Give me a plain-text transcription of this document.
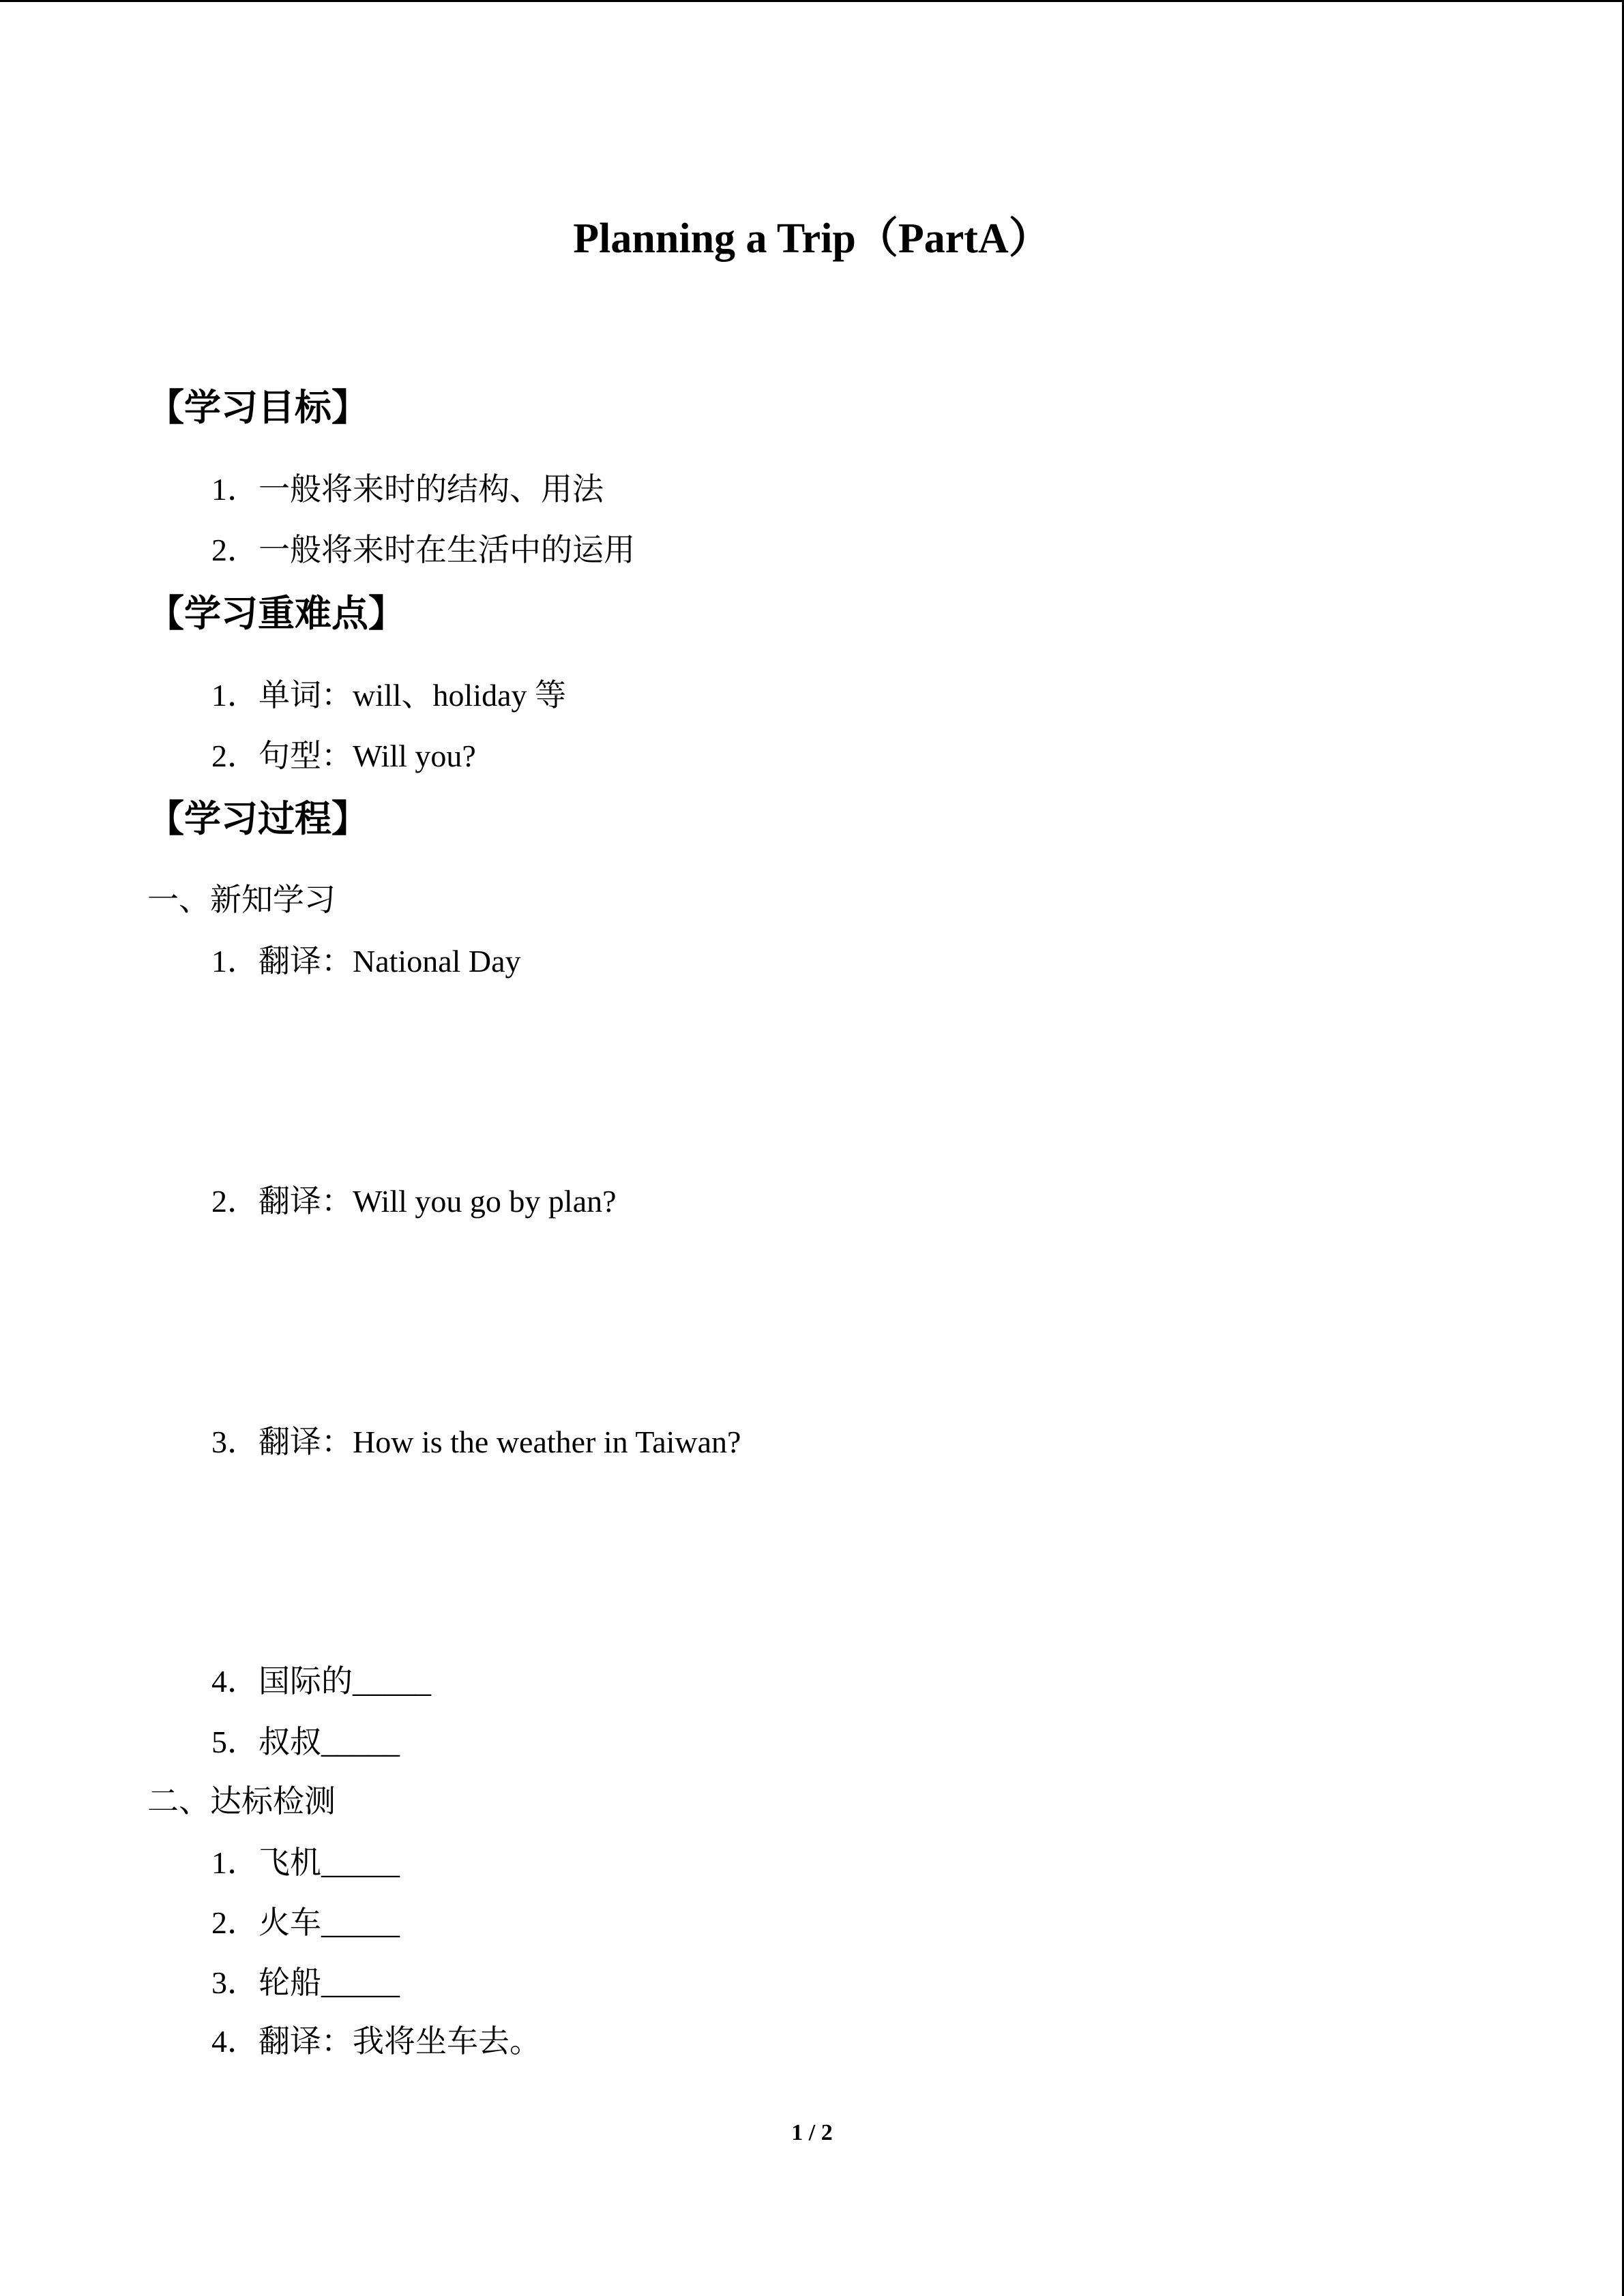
Planning a Trip（PartA）
【学习目标】
1．一般将来时的结构、用法
2．一般将来时在生活中的运用
【学习重难点】
1．单词：will、holiday 等
2．句型：Will you?
【学习过程】
一、新知学习
1．翻译：National Day
2．翻译：Will you go by plan?
3．翻译：How is the weather in Taiwan?
4．国际的_____
5．叔叔_____
二、达标检测
1．飞机_____
2．火车_____
3．轮船_____
4．翻译：我将坐车去。
1 / 2
